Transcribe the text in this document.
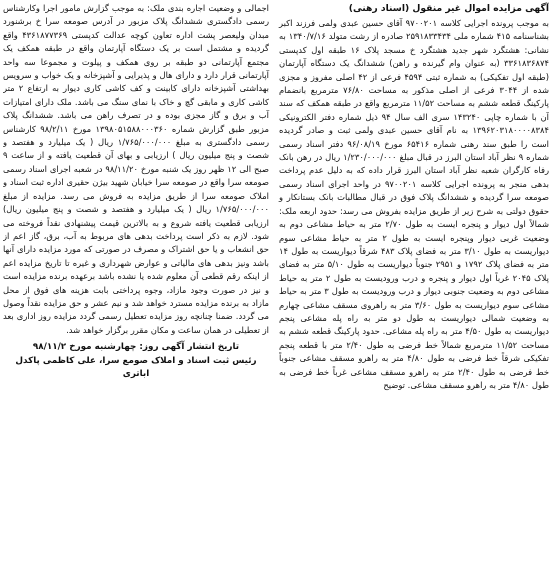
آگهی مزایده اموال غیر منقول (اسناد رهنی)
به موجب پرونده اجرایی کلاسه ۹۷۰۰۲۰۱ آقای حسین عبدی ولمی فرزند اکبر بشناسنامه ۴۱۵ شماره ملی ۲۵۹۱۸۳۳۴۳۴ صادره از رشت متولد ۱۳۴۰/۷/۱۶ به نشانی: هشتگرد شهر جدید هشتگرد خ مسجد پلاک ۱۶ طبقه اول کدپستی ۳۳۶۱۸۳۶۸۷۴ (به عنوان وام گیرنده و راهن) ششدانگ یک دستگاه آپارتمان (طبقه اول تفکیکی) به شماره ثبتی ۴۵۹۴ فرعی از ۴۲ اصلی مفروز و مجزی شده از ۳۰۴۴ فرعی از اصلی مذکور به مساحت ۷۶/۸۰ مترمربع بانضمام پارکینگ قطعه ششم به مساحت ۱۱/۵۲ مترمربع واقع در طبقه همکف که سند آن با شماره چاپی ۱۴۳۲۴۰ سری الف سال ۹۴ ذیل شماره دفتر الکترونیکی ۱۳۹۶۲۰۳۱۸۰۰۰۰۸۳۸۴ به نام آقای حسین عبدی ولمی ثبت و صادر گردیده است را طبق سند رهنی شماره ۶۵۴۱۶ مورخ ۹۶/۰۸/۱۹ دفتر اسناد رسمی شماره ۹ نظر آباد استان البرز در قبال مبلغ ۱/۲۳۰/۰۰۰/۰۰۰ ریال در رهن بانک رفاه کارگران شعبه نظر آباد استان البرز قرار داده که به دلیل عدم پرداخت بدهی منجر به پرونده اجرایی کلاسه ۹۷۰۰۲۰۱ در واحد اجرای اسناد رسمی صومعه سرا گردیده و ششدانگ پلاک فوق در قبال مطالبات بانک بستانکار و حقوق دولتی به شرح زیر از طریق مزایده بفروش می رسد: حدود اربعه ملک: شمالاً اول دیوار و پنجره ایست به طول ۲/۷۰ متر به حیاط مشاعی دوم به وضعیت غربی دیوار وپنجره ایست به طول ۲ متر به حیاط مشاعی سوم دیواریست به طول ۳/۱۰ متر به فضای پلاک ۴۸۳ شرقاً دیواریست به طول ۱۴ متر به فضای پلاک ۱۷۹۲ و ۲۹۵۱ جنوباً دیواریست به طول ۵/۱۰ متر به فضای پلاک ۲۰۴۵ غرباً اول دیوار و پنجره و درب ورودیست به طول ۲ متر به حیاط مشاعی دوم به وضعیت جنوبی دیوار و درب ورودیست به طول ۳ متر به حیاط مشاعی سوم دیواریست به طول ۳/۶۰ متر به راهروی مسقف مشاعی چهارم به وضعیت شمالی دیواریست به طول دو متر به راه پله مشاعی پنجم دیواریست به طول ۴/۵۰ متر به راه پله مشاعی. حدود پارکینگ قطعه ششم به مساحت ۱۱/۵۲ مترمربع شمالاً خط فرضی به طول ۲/۴۰ متر با قطعه پنجم تفکیکی شرقاً خط فرضی به طول ۴/۸۰ متر به راهرو مسقف مشاعی جنوباً خط فرضی به طول ۲/۴۰ متر به راهرو مسقف مشاعی غرباً خط فرضی به طول ۴/۸۰ متر به راهرو مسقف مشاعی. توضیح
اجمالی و وضعیت اجاره بندی ملک: به موجب گزارش مامور اجرا وکارشناس رسمی دادگستری ششدانگ پلاک مزبور در آدرس صومعه سرا خ برشنورد مبدان ولیعصر پشت اداره تعاون کوچه عدالت کدپستی ۴۳۶۱۸۷۷۳۶۹ واقع گردیده و مشتمل است بر یک دستگاه آپارتمان واقع در طبقه همکف یک مجتمع آپارتمانی دو طبقه بر روی همکف و پیلوت و مجموعا سه واحد آپارتمانی قرار دارد و دارای هال و پذیرایی و آشپزخانه و یک خواب و سرویس بهداشتی آشپزخانه دارای کابینت و کف کاشی کاری دیوار به ارتفاع ۲ متر کاشی کاری و مابقی گچ و خاک با نمای سنگ می باشد. ملک دارای امتیازات آب و برق و گاز مجزی بوده و در تصرف راهن می باشد. ششدانگ پلاک مزبور طبق گزارش شماره ۱۳۹۸۰۵۱۵۸۸۰۰۰۳۶۰ مورخ ۹۸/۲/۱۱ کارشناس رسمی دادگستری به مبلغ ۱/۷۶۵/۰۰۰/۰۰۰ ریال ( یک میلیارد و هفتصد و شصت و پنج میلیون ریال ) ارزیابی و بهای آن قطعیت یافته و از ساعت ۹ صبح الی ۱۲ ظهر روز یک شنبه مورخ ۹۸/۱۱/۲۰ در شعبه اجرای اسناد رسمی صومعه سرا واقع در صومعه سرا خیابان شهید بیژن حقیری اداره ثبت اسناد و املاک صومعه سرا از طریق مزایده به فروش می رسد. مزایده از مبلغ ۱/۷۶۵/۰۰۰/۰۰۰ ریال ( یک میلیارد و هفتصد و شصت و پنج میلیون ریال) ارزیابی قطعیت یافته شروع و به بالاترین قیمت پیشنهادی نقداً فروخته می شود. لازم به ذکر است پرداخت بدهی های مربوط به آب، برق، گاز اعم از حق انشعاب و یا حق اشتراک و مصرف در صورتی که مورد مزایده دارای آنها باشد ونیز بدهی های مالیاتی و عوارض شهرداری و غیره تا تاریخ مزایده اعم از اینکه رقم قطعی آن معلوم شده یا نشده باشد برعهده برنده مزایده است و نیز در صورت وجود مازاد، وجوه پرداختی بابت هزینه های فوق از محل مازاد به برنده مزایده مسترد خواهد شد و نیم عشر و حق مزایده نقداً وصول می گردد. ضمنا چنانچه روز مزایده تعطیل رسمی گردد مزایده روز اداری بعد از تعطیلی در همان ساعت و مکان مقرر برگزار خواهد شد.
تاریخ انتشار آگهی روز: چهارشنبه مورخ ۹۸/۱۱/۲
رئیس ثبت اسناد و املاک صومع سرا، علی کاظمی پاکدل
اباتری
